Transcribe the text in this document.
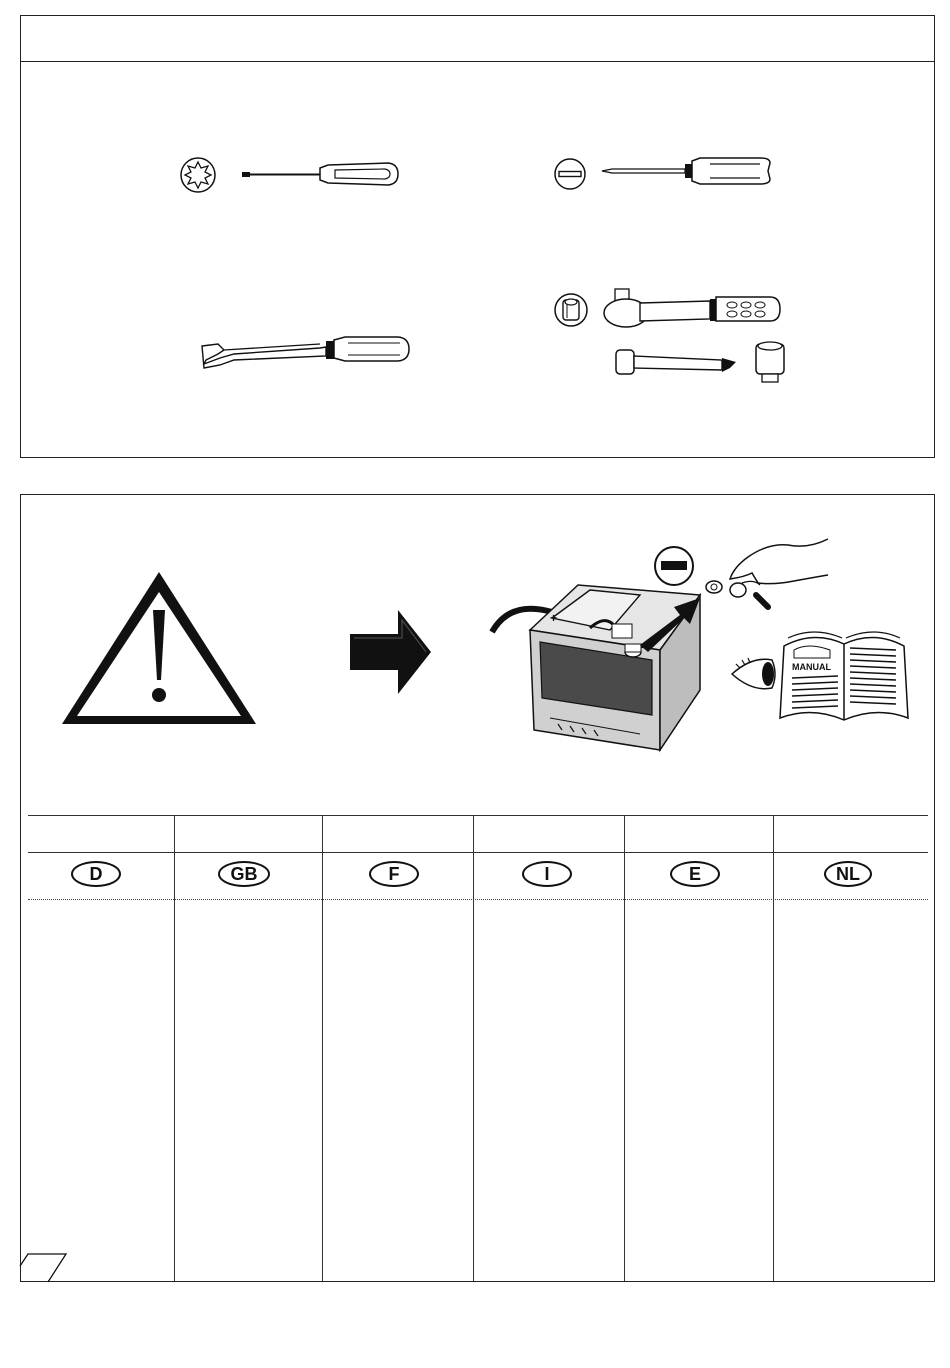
+
MANUAL
D	GB	F	I	E	NL
